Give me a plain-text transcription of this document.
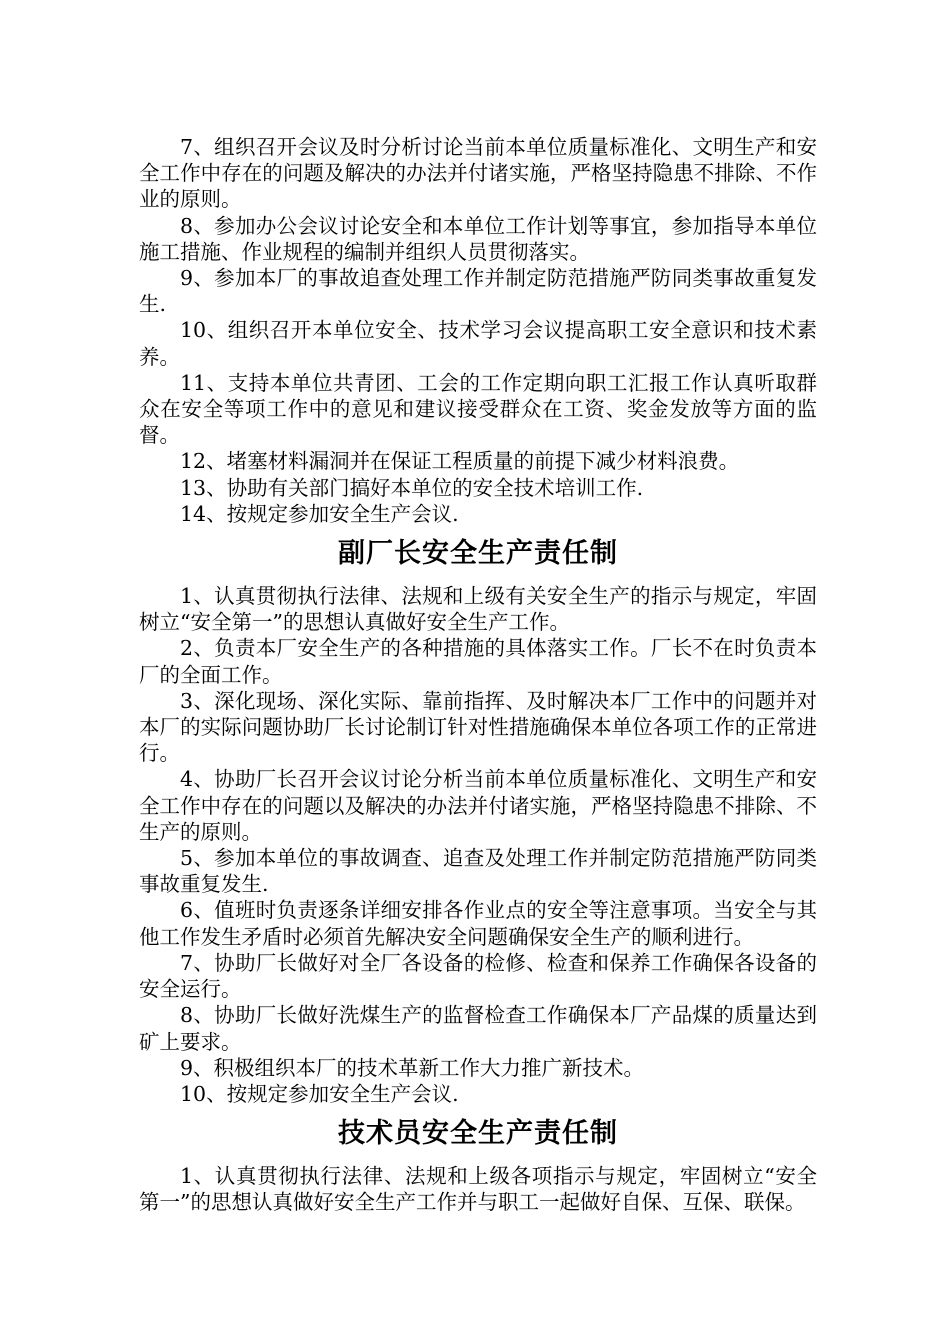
7、组织召开会议及时分析讨论当前本单位质量标准化、文明生产和安全工作中存在的问题及解决的办法并付诸实施，严格坚持隐患不排除、不作业的原则。

8、参加办公会议讨论安全和本单位工作计划等事宜，参加指导本单位施工措施、作业规程的编制并组织人员贯彻落实。

9、参加本厂的事故追查处理工作并制定防范措施严防同类事故重复发生.

10、组织召开本单位安全、技术学习会议提高职工安全意识和技术素养。

11、支持本单位共青团、工会的工作定期向职工汇报工作认真听取群众在安全等项工作中的意见和建议接受群众在工资、奖金发放等方面的监督。

12、堵塞材料漏洞并在保证工程质量的前提下减少材料浪费。

13、协助有关部门搞好本单位的安全技术培训工作.

14、按规定参加安全生产会议.

副厂长安全生产责任制

1、认真贯彻执行法律、法规和上级有关安全生产的指示与规定，牢固树立“安全第一”的思想认真做好安全生产工作。

2、负责本厂安全生产的各种措施的具体落实工作。厂长不在时负责本厂的全面工作。

3、深化现场、深化实际、靠前指挥、及时解决本厂工作中的问题并对本厂的实际问题协助厂长讨论制订针对性措施确保本单位各项工作的正常进行。

4、协助厂长召开会议讨论分析当前本单位质量标准化、文明生产和安全工作中存在的问题以及解决的办法并付诸实施，严格坚持隐患不排除、不生产的原则。

5、参加本单位的事故调查、追查及处理工作并制定防范措施严防同类事故重复发生.

6、值班时负责逐条详细安排各作业点的安全等注意事项。当安全与其他工作发生矛盾时必须首先解决安全问题确保安全生产的顺利进行。

7、协助厂长做好对全厂各设备的检修、检查和保养工作确保各设备的安全运行。

8、协助厂长做好洗煤生产的监督检查工作确保本厂产品煤的质量达到矿上要求。

9、积极组织本厂的技术革新工作大力推广新技术。

10、按规定参加安全生产会议.

技术员安全生产责任制

1、认真贯彻执行法律、法规和上级各项指示与规定，牢固树立“安全第一”的思想认真做好安全生产工作并与职工一起做好自保、互保、联保。
